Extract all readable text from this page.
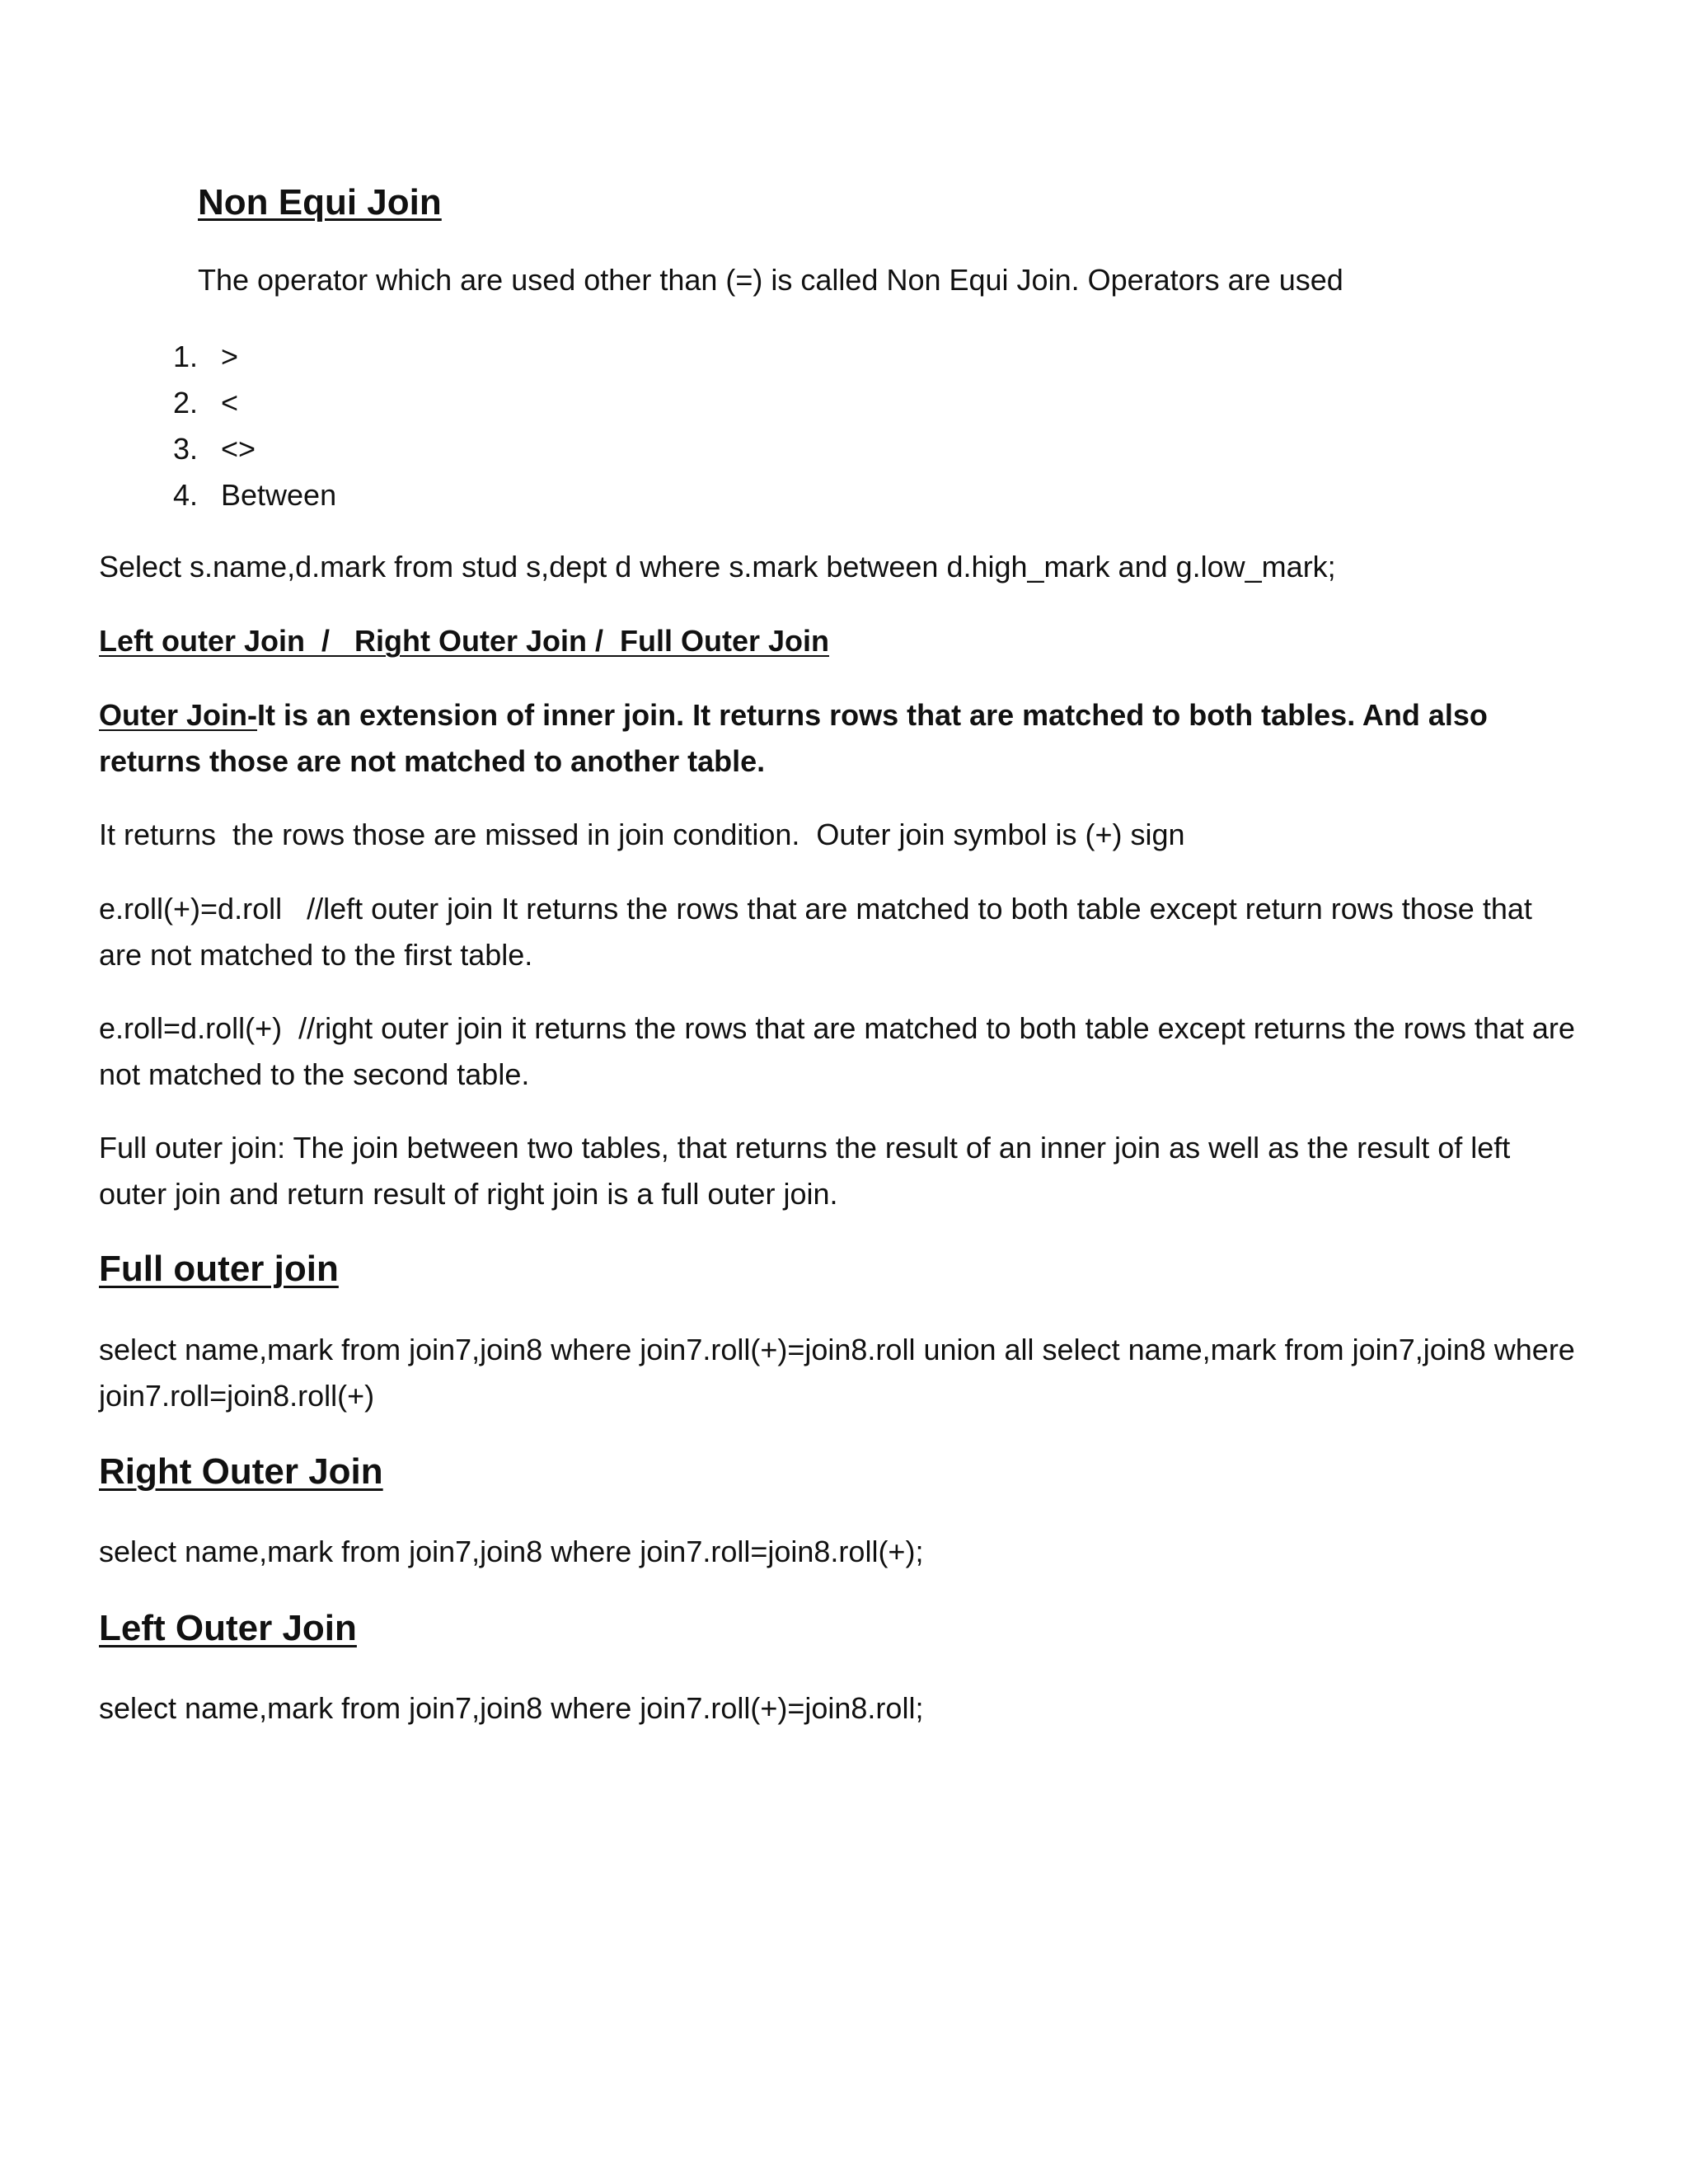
Non Equi Join
The operator which are used other than (=) is called Non Equi Join. Operators are used
1. >
2. <
3. <>
4. Between
Select s.name,d.mark from stud s,dept d where s.mark between d.high_mark and g.low_mark;
Left outer Join  /   Right Outer Join /  Full Outer Join
Outer Join-It is an extension of inner join. It returns rows that are matched to both tables. And also returns those are not matched to another table.
It returns  the rows those are missed in join condition.  Outer join symbol is (+) sign
e.roll(+)=d.roll   //left outer join It returns the rows that are matched to both table except return rows those that are not matched to the first table.
e.roll=d.roll(+)  //right outer join it returns the rows that are matched to both table except returns the rows that are not matched to the second table.
Full outer join: The join between two tables, that returns the result of an inner join as well as the result of left outer join and return result of right join is a full outer join.
Full outer join
select name,mark from join7,join8 where join7.roll(+)=join8.roll union all select name,mark from join7,join8 where join7.roll=join8.roll(+)
Right Outer Join
select name,mark from join7,join8 where join7.roll=join8.roll(+);
Left Outer Join
select name,mark from join7,join8 where join7.roll(+)=join8.roll;
